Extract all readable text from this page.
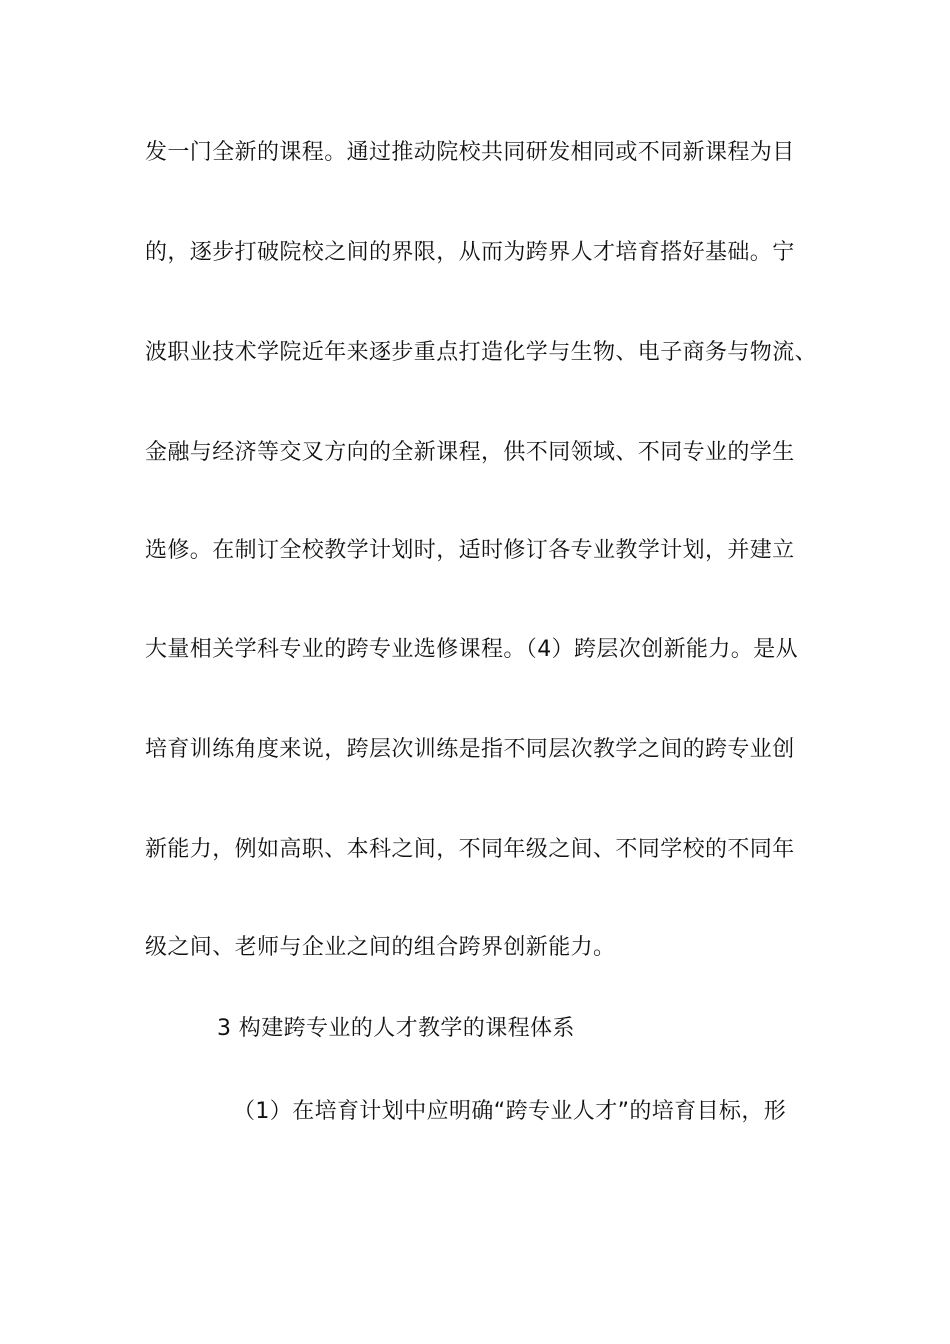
发一门全新的课程。通过推动院校共同研发相同或不同新课程为目
的，逐步打破院校之间的界限，从而为跨界人才培育搭好基础。宁
波职业技术学院近年来逐步重点打造化学与生物、电子商务与物流、
金融与经济等交叉方向的全新课程，供不同领域、不同专业的学生
选修。在制订全校教学计划时，适时修订各专业教学计划，并建立
大量相关学科专业的跨专业选修课程。（4）跨层次创新能力。是从
培育训练角度来说，跨层次训练是指不同层次教学之间的跨专业创
新能力，例如高职、本科之间，不同年级之间、不同学校的不同年
级之间、老师与企业之间的组合跨界创新能力。
3 构建跨专业的人才教学的课程体系
（1）在培育计划中应明确“跨专业人才”的培育目标，形
